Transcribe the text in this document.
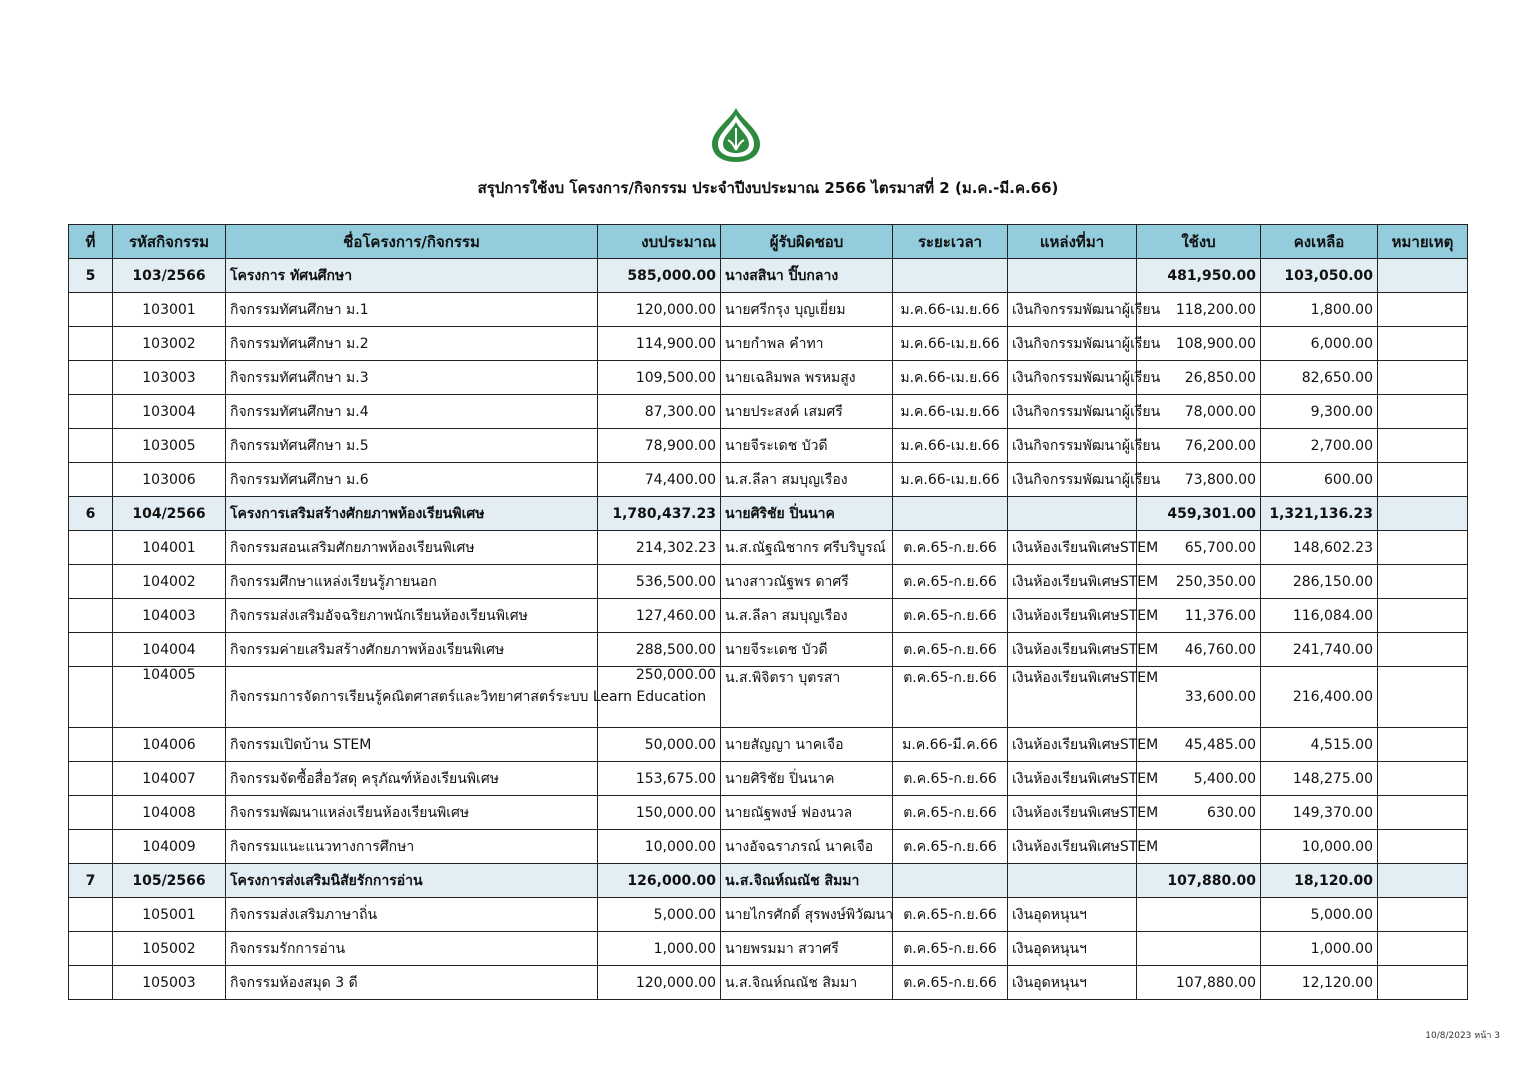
สรุปการใช้งบ โครงการ/กิจกรรม ประจำปีงบประมาณ 2566 ไตรมาสที่ 2 (ม.ค.-มี.ค.66)
ที่	รหัสกิจกรรม	ชื่อโครงการ/กิจกรรม	งบประมาณ	ผู้รับผิดชอบ	ระยะเวลา	แหล่งที่มา	ใช้งบ	คงเหลือ	หมายเหตุ
5	103/2566	โครงการ ทัศนศึกษา	585,000.00	นางสสินา ปิ๊บกลาง			481,950.00	103,050.00	
	103001	กิจกรรมทัศนศึกษา ม.1	120,000.00	นายศรีกรุง บุญเยี่ยม	ม.ค.66-เม.ย.66	เงินกิจกรรมพัฒนาผู้เรียน	118,200.00	1,800.00	
	103002	กิจกรรมทัศนศึกษา ม.2	114,900.00	นายกำพล คำทา	ม.ค.66-เม.ย.66	เงินกิจกรรมพัฒนาผู้เรียน	108,900.00	6,000.00	
	103003	กิจกรรมทัศนศึกษา ม.3	109,500.00	นายเฉลิมพล พรหมสูง	ม.ค.66-เม.ย.66	เงินกิจกรรมพัฒนาผู้เรียน	26,850.00	82,650.00	
	103004	กิจกรรมทัศนศึกษา ม.4	87,300.00	นายประสงค์ เสมศรี	ม.ค.66-เม.ย.66	เงินกิจกรรมพัฒนาผู้เรียน	78,000.00	9,300.00	
	103005	กิจกรรมทัศนศึกษา ม.5	78,900.00	นายจีระเดช บัวดี	ม.ค.66-เม.ย.66	เงินกิจกรรมพัฒนาผู้เรียน	76,200.00	2,700.00	
	103006	กิจกรรมทัศนศึกษา ม.6	74,400.00	น.ส.ลีลา สมบุญเรือง	ม.ค.66-เม.ย.66	เงินกิจกรรมพัฒนาผู้เรียน	73,800.00	600.00	
6	104/2566	โครงการเสริมสร้างศักยภาพห้องเรียนพิเศษ	1,780,437.23	นายศิริชัย ปิ่นนาค			459,301.00	1,321,136.23	
	104001	กิจกรรมสอนเสริมศักยภาพห้องเรียนพิเศษ	214,302.23	น.ส.ณัฐณิชากร ศรีบริบูรณ์	ต.ค.65-ก.ย.66	เงินห้องเรียนพิเศษSTEM	65,700.00	148,602.23	
	104002	กิจกรรมศึกษาแหล่งเรียนรู้ภายนอก	536,500.00	นางสาวณัฐพร ดาศรี	ต.ค.65-ก.ย.66	เงินห้องเรียนพิเศษSTEM	250,350.00	286,150.00	
	104003	กิจกรรมส่งเสริมอัจฉริยภาพนักเรียนห้องเรียนพิเศษ	127,460.00	น.ส.ลีลา สมบุญเรือง	ต.ค.65-ก.ย.66	เงินห้องเรียนพิเศษSTEM	11,376.00	116,084.00	
	104004	กิจกรรมค่ายเสริมสร้างศักยภาพห้องเรียนพิเศษ	288,500.00	นายจีระเดช บัวดี	ต.ค.65-ก.ย.66	เงินห้องเรียนพิเศษSTEM	46,760.00	241,740.00	
	104005	กิจกรรมการจัดการเรียนรู้คณิตศาสตร์และวิทยาศาสตร์ระบบ Learn Education	250,000.00	น.ส.พิจิตรา บุตรสา	ต.ค.65-ก.ย.66	เงินห้องเรียนพิเศษSTEM	33,600.00	216,400.00	
	104006	กิจกรรมเปิดบ้าน STEM	50,000.00	นายสัญญา นาคเจือ	ม.ค.66-มี.ค.66	เงินห้องเรียนพิเศษSTEM	45,485.00	4,515.00	
	104007	กิจกรรมจัดซื้อสื่อวัสดุ ครุภัณฑ์ห้องเรียนพิเศษ	153,675.00	นายศิริชัย ปิ่นนาค	ต.ค.65-ก.ย.66	เงินห้องเรียนพิเศษSTEM	5,400.00	148,275.00	
	104008	กิจกรรมพัฒนาแหล่งเรียนห้องเรียนพิเศษ	150,000.00	นายณัฐพงษ์ ฟองนวล	ต.ค.65-ก.ย.66	เงินห้องเรียนพิเศษSTEM	630.00	149,370.00	
	104009	กิจกรรมแนะแนวทางการศึกษา	10,000.00	นางอัจฉราภรณ์ นาคเจือ	ต.ค.65-ก.ย.66	เงินห้องเรียนพิเศษSTEM		10,000.00	
7	105/2566	โครงการส่งเสริมนิสัยรักการอ่าน	126,000.00	น.ส.จิณห์ณณัช สิมมา			107,880.00	18,120.00	
	105001	กิจกรรมส่งเสริมภาษาถิ่น	5,000.00	นายไกรศักดิ์ สุรพงษ์พิวัฒนา	ต.ค.65-ก.ย.66	เงินอุดหนุนฯ		5,000.00	
	105002	กิจกรรมรักการอ่าน	1,000.00	นายพรมมา สวาศรี	ต.ค.65-ก.ย.66	เงินอุดหนุนฯ		1,000.00	
	105003	กิจกรรมห้องสมุด 3 ดี	120,000.00	น.ส.จิณห์ณณัช สิมมา	ต.ค.65-ก.ย.66	เงินอุดหนุนฯ	107,880.00	12,120.00	
10/8/2023 หน้า 3
